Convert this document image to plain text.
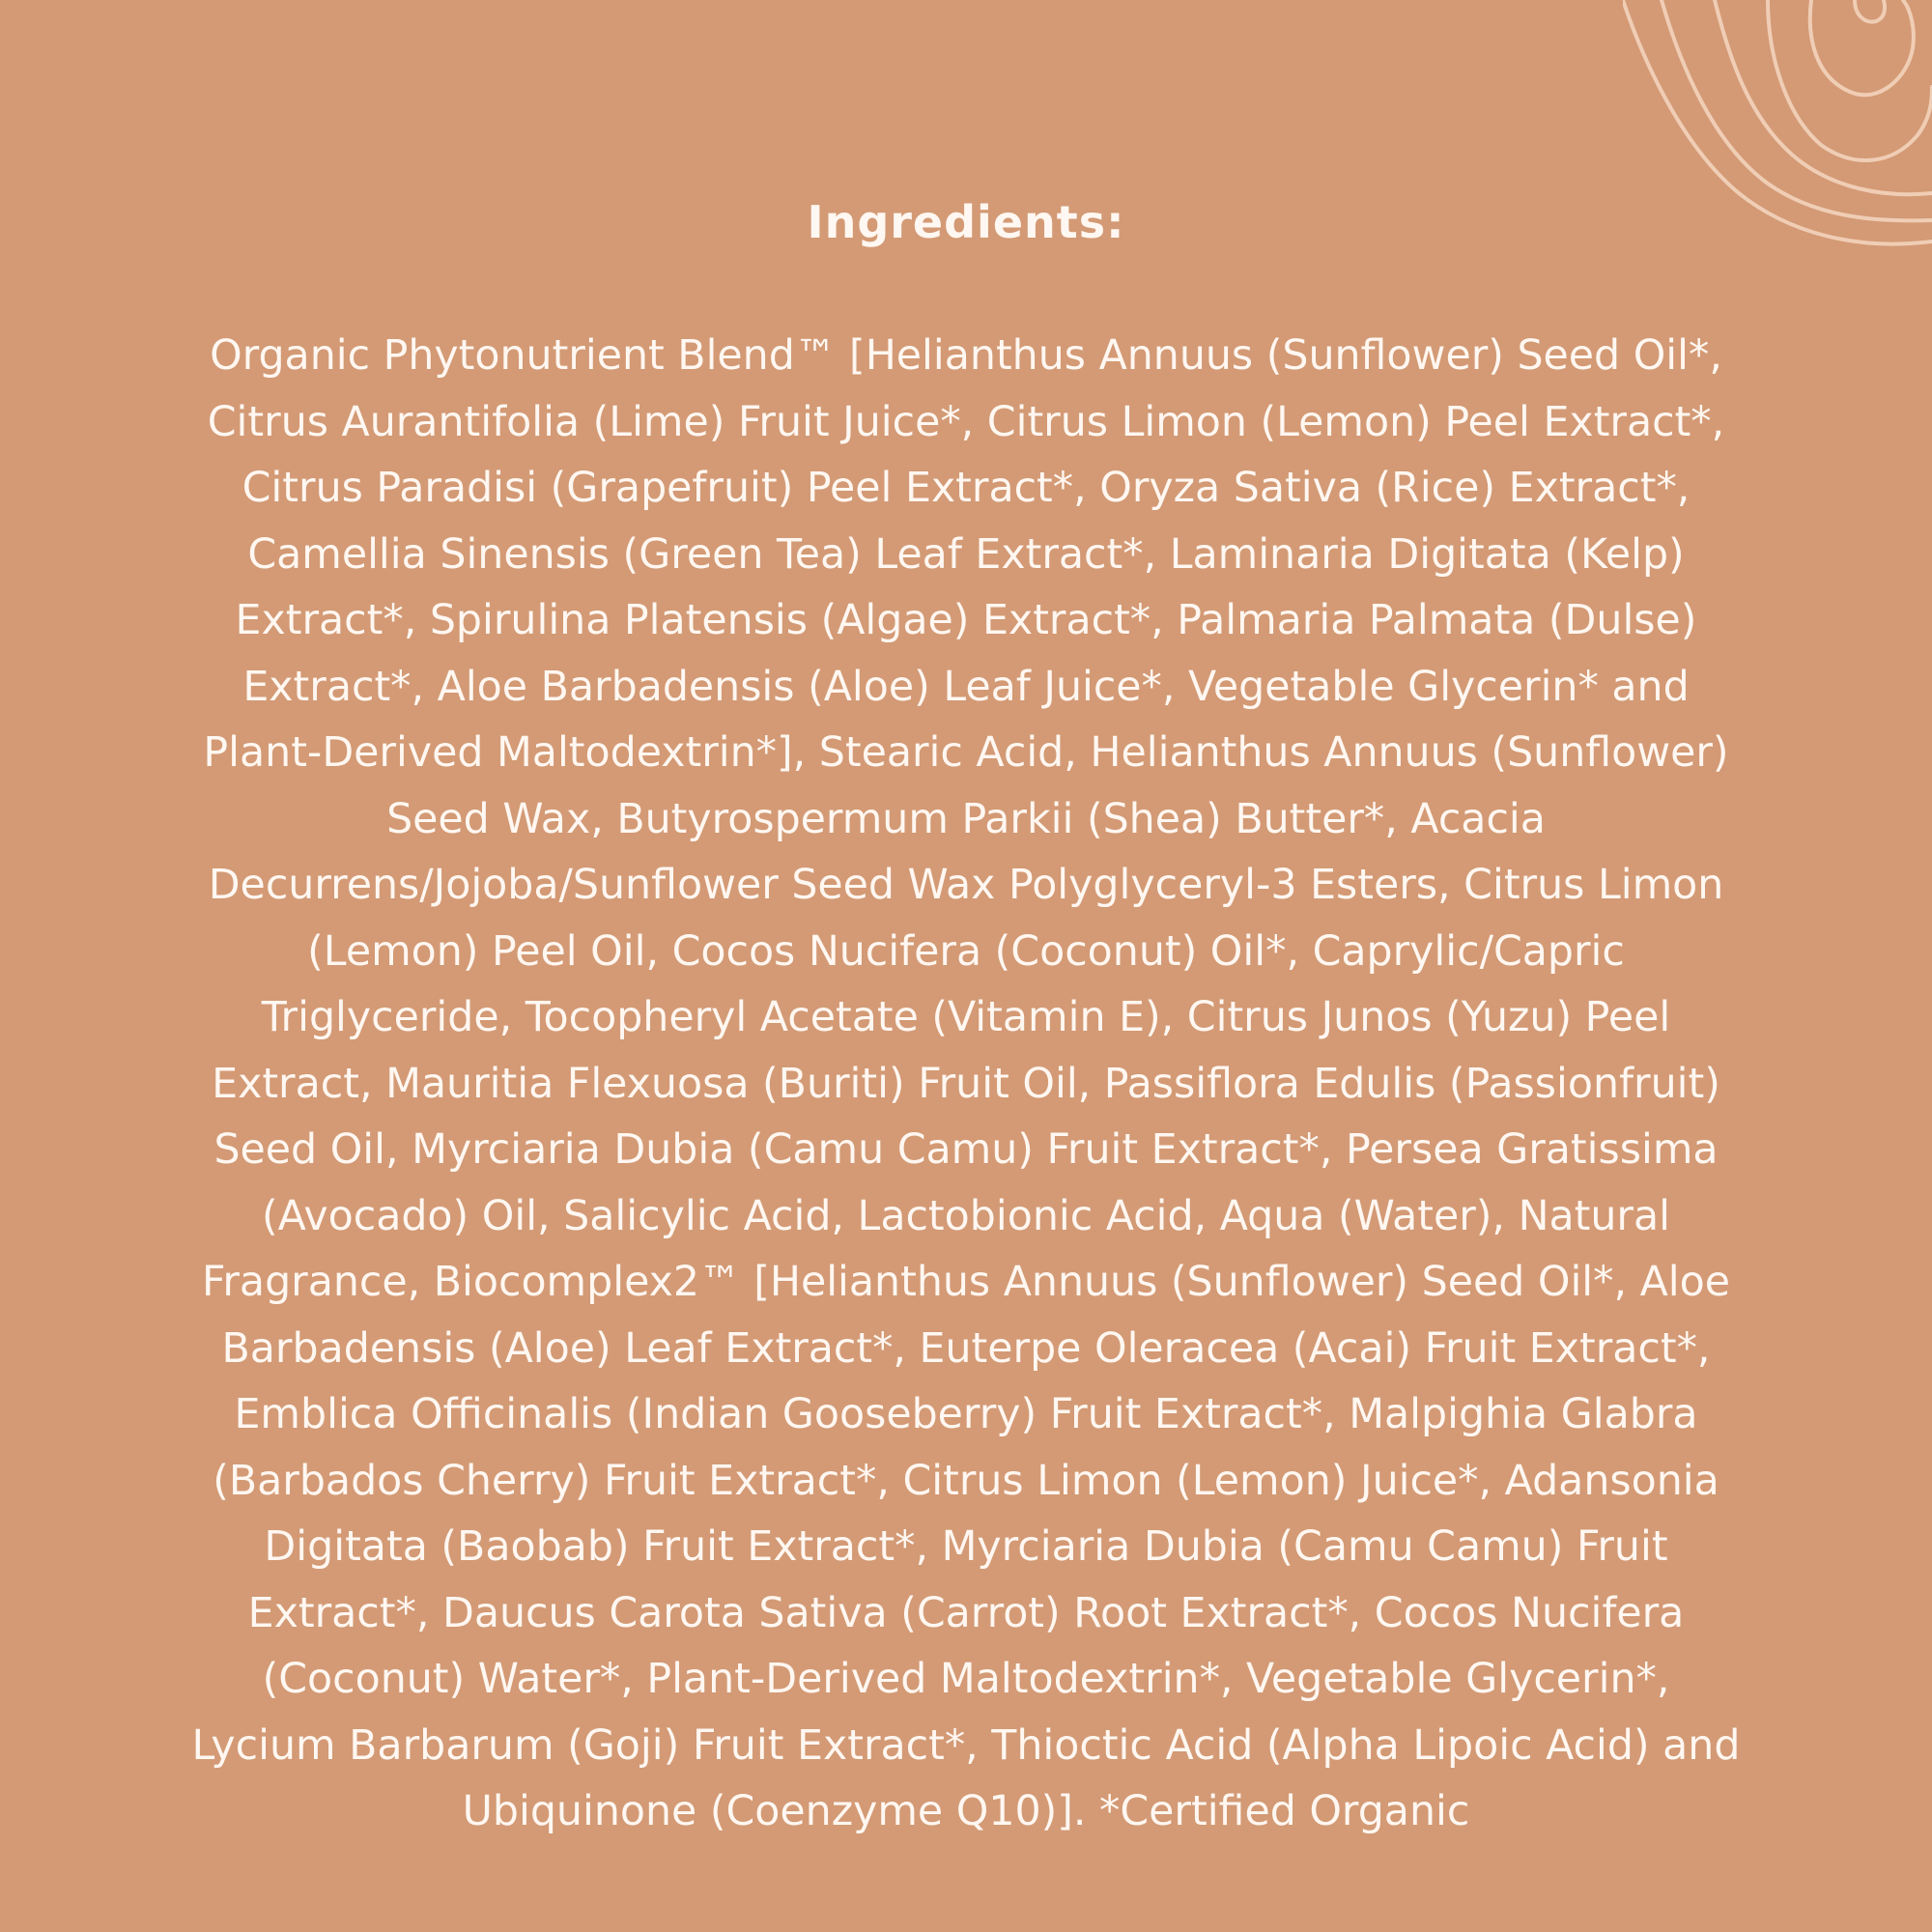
Ingredients:
Organic Phytonutrient Blend™ [Helianthus Annuus (Sunflower) Seed Oil*,
Citrus Aurantifolia (Lime) Fruit Juice*, Citrus Limon (Lemon) Peel Extract*,
Citrus Paradisi (Grapefruit) Peel Extract*, Oryza Sativa (Rice) Extract*,
Camellia Sinensis (Green Tea) Leaf Extract*, Laminaria Digitata (Kelp)
Extract*, Spirulina Platensis (Algae) Extract*, Palmaria Palmata (Dulse)
Extract*, Aloe Barbadensis (Aloe) Leaf Juice*, Vegetable Glycerin* and
Plant-Derived Maltodextrin*], Stearic Acid, Helianthus Annuus (Sunflower)
Seed Wax, Butyrospermum Parkii (Shea) Butter*, Acacia
Decurrens/Jojoba/Sunflower Seed Wax Polyglyceryl-3 Esters, Citrus Limon
(Lemon) Peel Oil, Cocos Nucifera (Coconut) Oil*, Caprylic/Capric
Triglyceride, Tocopheryl Acetate (Vitamin E), Citrus Junos (Yuzu) Peel
Extract, Mauritia Flexuosa (Buriti) Fruit Oil, Passiflora Edulis (Passionfruit)
Seed Oil, Myrciaria Dubia (Camu Camu) Fruit Extract*, Persea Gratissima
(Avocado) Oil, Salicylic Acid, Lactobionic Acid, Aqua (Water), Natural
Fragrance, Biocomplex2™ [Helianthus Annuus (Sunflower) Seed Oil*, Aloe
Barbadensis (Aloe) Leaf Extract*, Euterpe Oleracea (Acai) Fruit Extract*,
Emblica Officinalis (Indian Gooseberry) Fruit Extract*, Malpighia Glabra
(Barbados Cherry) Fruit Extract*, Citrus Limon (Lemon) Juice*, Adansonia
Digitata (Baobab) Fruit Extract*, Myrciaria Dubia (Camu Camu) Fruit
Extract*, Daucus Carota Sativa (Carrot) Root Extract*, Cocos Nucifera
(Coconut) Water*, Plant-Derived Maltodextrin*, Vegetable Glycerin*,
Lycium Barbarum (Goji) Fruit Extract*, Thioctic Acid (Alpha Lipoic Acid) and
Ubiquinone (Coenzyme Q10)]. *Certified Organic
